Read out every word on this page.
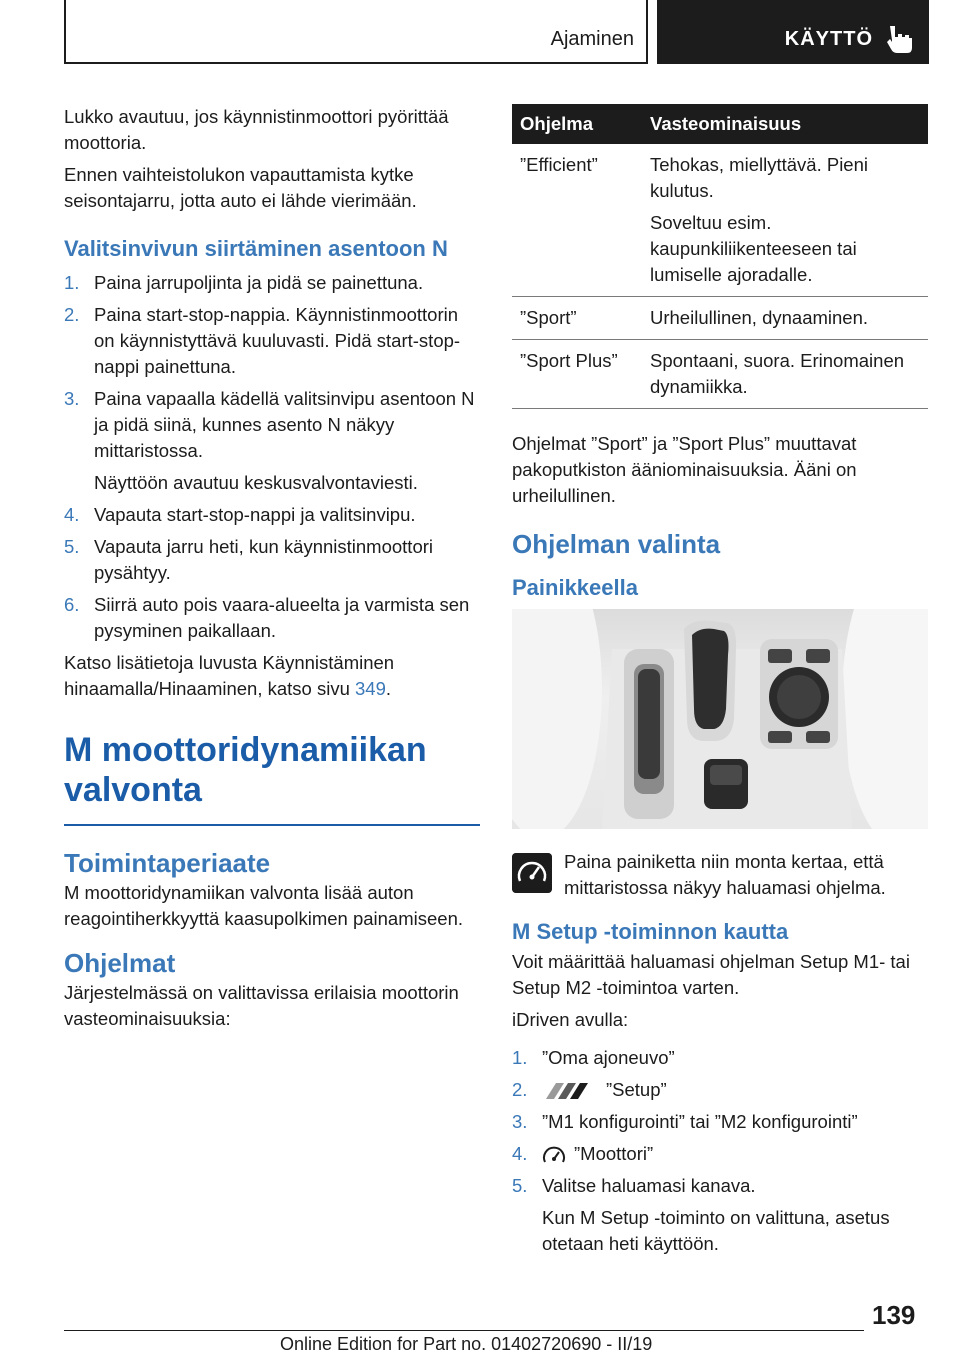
Ajaminen	KÄYTTÖ

Lukko avautuu, jos käynnistinmoottori pyörittää moottoria.

Ennen vaihteistolukon vapauttamista kytke seisontajarru, jotta auto ei lähde vierimään.

Valitsinvivun siirtäminen asentoon N
1. Paina jarrupoljinta ja pidä se painettuna.
2. Paina start-stop-nappia. Käynnistinmoottorin on käynnistyttävä kuuluvasti. Pidä start-stop-nappi painettuna.
3. Paina vapaalla kädellä valitsinvipu asentoon N ja pidä siinä, kunnes asento N näkyy mittaristossa.
Näyttöön avautuu keskusvalvontaviesti.
4. Vapauta start-stop-nappi ja valitsinvipu.
5. Vapauta jarru heti, kun käynnistinmoottori pysähtyy.
6. Siirrä auto pois vaara-alueelta ja varmista sen pysyminen paikallaan.

Katso lisätietoja luvusta Käynnistäminen hinaamalla/Hinaaminen, katso sivu 349.

M moottoridynamiikan valvonta
Toimintaperiaate

M moottoridynamiikan valvonta lisää auton reagointiherkkyyttä kaasupolkimen painamiseen.

Ohjelmat

Järjestelmässä on valittavissa erilaisia moottorin vasteominaisuuksia:

Ohjelma	Vasteominaisuus
”Efficient”	Tehokas, miellyttävä. Pieni kulutus.
Soveltuu esim. kaupunkiliikenteeseen tai lumiselle ajoradalle.

”Sport”	Urheilullinen, dynaaminen.

”Sport Plus”	Spontaani, suora. Erinomainen dynamiikka.

Ohjelmat ”Sport” ja ”Sport Plus” muuttavat pakoputkiston ääniominaisuuksia. Ääni on urheilullinen.

Ohjelman valinta
Painikkeella
Paina painiketta niin monta kertaa, että mittaristossa näkyy haluamasi ohjelma.
M Setup -toiminnon kautta

Voit määrittää haluamasi ohjelman Setup M1- tai Setup M2 -toimintoa varten.

iDriven avulla:

1. ”Oma ajoneuvo”
2.	”Setup”
3. ”M1 konfigurointi” tai ”M2 konfigurointi”
4.	”Moottori”
5. Valitse haluamasi kanava.
Kun M Setup -toiminto on valittuna, asetus otetaan heti käyttöön.
139
Online Edition for Part no. 01402720690 - II/19
